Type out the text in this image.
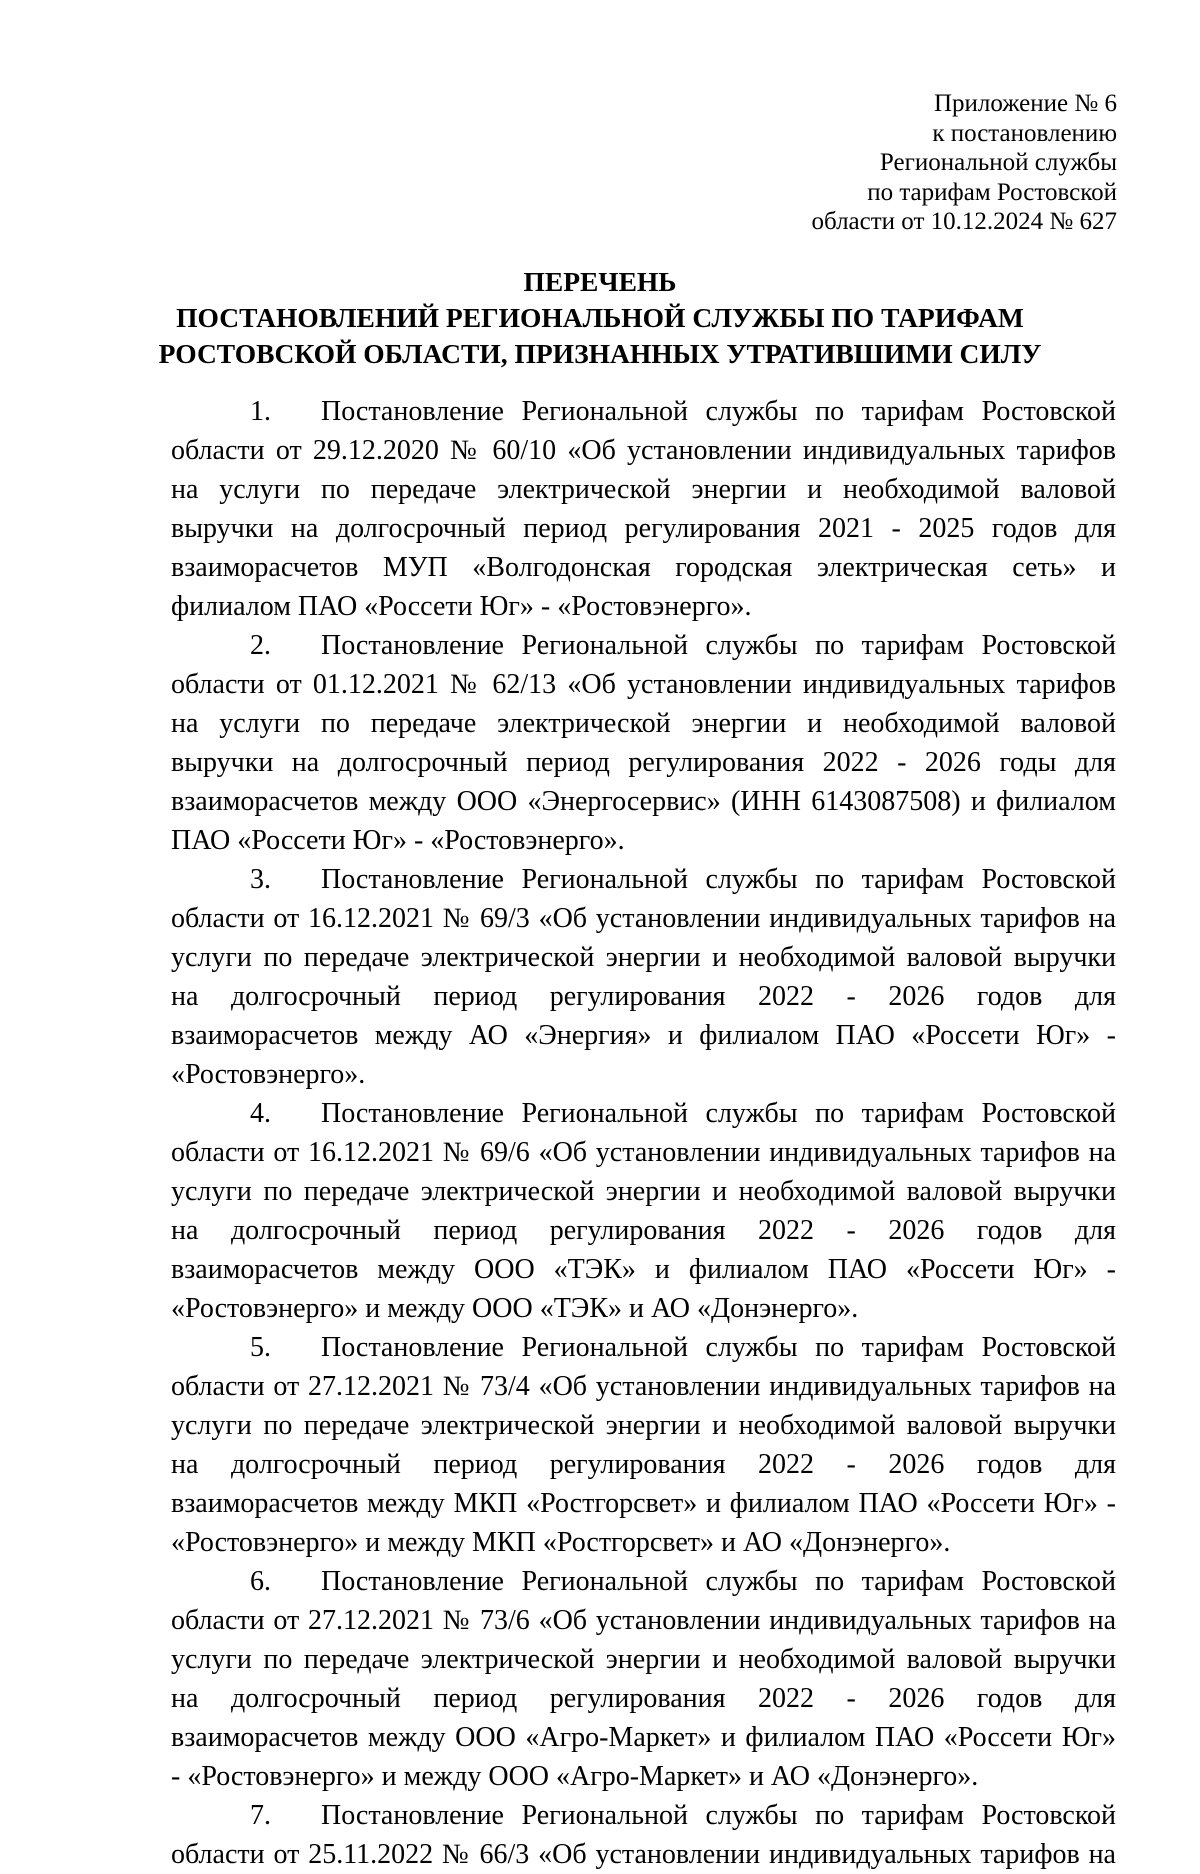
Приложение № 6
к постановлению
Региональной службы
по тарифам Ростовской
области от 10.12.2024 № 627
ПЕРЕЧЕНЬ
ПОСТАНОВЛЕНИЙ РЕГИОНАЛЬНОЙ СЛУЖБЫ ПО ТАРИФАМ
РОСТОВСКОЙ ОБЛАСТИ, ПРИЗНАННЫХ УТРАТИВШИМИ СИЛУ
1. Постановление Региональной службы по тарифам Ростовской
области от 29.12.2020 № 60/10 «Об установлении индивидуальных тарифов
на услуги по передаче электрической энергии и необходимой валовой
выручки на долгосрочный период регулирования 2021 - 2025 годов для
взаиморасчетов МУП «Волгодонская городская электрическая сеть» и
филиалом ПАО «Россети Юг» - «Ростовэнерго».
2. Постановление Региональной службы по тарифам Ростовской
области от 01.12.2021 № 62/13 «Об установлении индивидуальных тарифов
на услуги по передаче электрической энергии и необходимой валовой
выручки на долгосрочный период регулирования 2022 - 2026 годы для
взаиморасчетов между ООО «Энергосервис» (ИНН 6143087508) и филиалом
ПАО «Россети Юг» - «Ростовэнерго».
3. Постановление Региональной службы по тарифам Ростовской
области от 16.12.2021 № 69/3 «Об установлении индивидуальных тарифов на
услуги по передаче электрической энергии и необходимой валовой выручки
на долгосрочный период регулирования 2022 - 2026 годов для
взаиморасчетов между АО «Энергия» и филиалом ПАО «Россети Юг» -
«Ростовэнерго».
4. Постановление Региональной службы по тарифам Ростовской
области от 16.12.2021 № 69/6 «Об установлении индивидуальных тарифов на
услуги по передаче электрической энергии и необходимой валовой выручки
на долгосрочный период регулирования 2022 - 2026 годов для
взаиморасчетов между ООО «ТЭК» и филиалом ПАО «Россети Юг» -
«Ростовэнерго» и между ООО «ТЭК» и АО «Донэнерго».
5. Постановление Региональной службы по тарифам Ростовской
области от 27.12.2021 № 73/4 «Об установлении индивидуальных тарифов на
услуги по передаче электрической энергии и необходимой валовой выручки
на долгосрочный период регулирования 2022 - 2026 годов для
взаиморасчетов между МКП «Ростгорсвет» и филиалом ПАО «Россети Юг» -
«Ростовэнерго» и между МКП «Ростгорсвет» и АО «Донэнерго».
6. Постановление Региональной службы по тарифам Ростовской
области от 27.12.2021 № 73/6 «Об установлении индивидуальных тарифов на
услуги по передаче электрической энергии и необходимой валовой выручки
на долгосрочный период регулирования 2022 - 2026 годов для
взаиморасчетов между ООО «Агро-Маркет» и филиалом ПАО «Россети Юг»
- «Ростовэнерго» и между ООО «Агро-Маркет» и АО «Донэнерго».
7. Постановление Региональной службы по тарифам Ростовской
области от 25.11.2022 № 66/3 «Об установлении индивидуальных тарифов на
